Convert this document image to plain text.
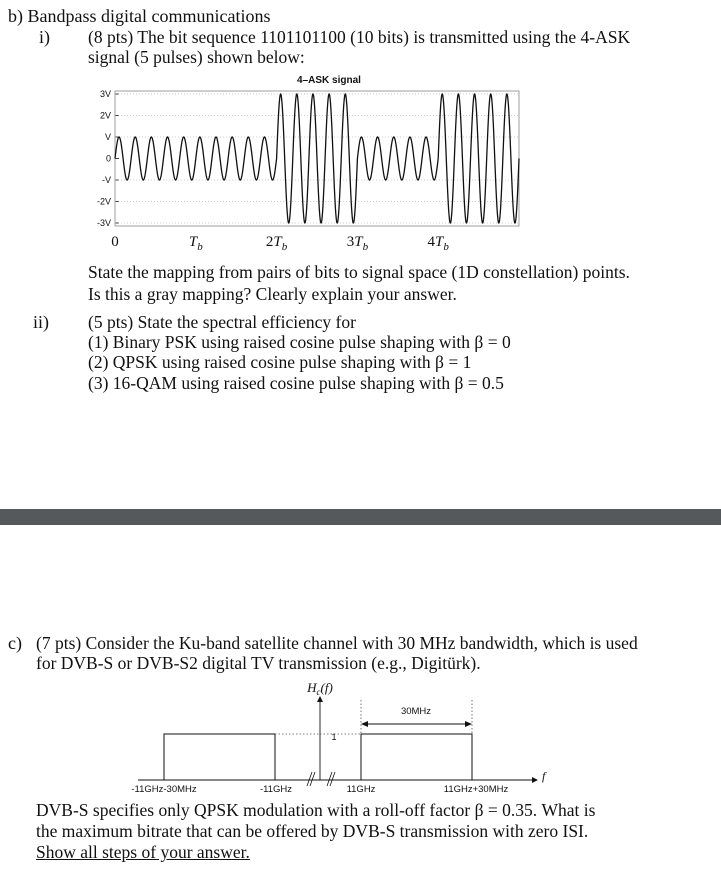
b) Bandpass digital communications
i) (8 pts) The bit sequence 1101101100 (10 bits) is transmitted using the 4-ASK
signal (5 pulses) shown below:
4–ASK signal
3V
2V
V
0
-V
-2V
-3V
0	$T_b$	$2T_b$	$3T_b$	$4T_b$
State the mapping from pairs of bits to signal space (1D constellation) points.
Is this a gray mapping? Clearly explain your answer.
ii) (5 pts) State the spectral efficiency for
(1) Binary PSK using raised cosine pulse shaping with β = 0
(2) QPSK using raised cosine pulse shaping with β = 1
(3) 16-QAM using raised cosine pulse shaping with β = 0.5
c) (7 pts) Consider the Ku-band satellite channel with 30 MHz bandwidth, which is used
for DVB-S or DVB-S2 digital TV transmission (e.g., Digitürk).
$H_c(f)$
30MHz
1
-11GHz-30MHz	-11GHz	11GHz	11GHz+30MHz
f
DVB-S specifies only QPSK modulation with a roll-off factor β = 0.35. What is
the maximum bitrate that can be offered by DVB-S transmission with zero ISI.
Show all steps of your answer.
